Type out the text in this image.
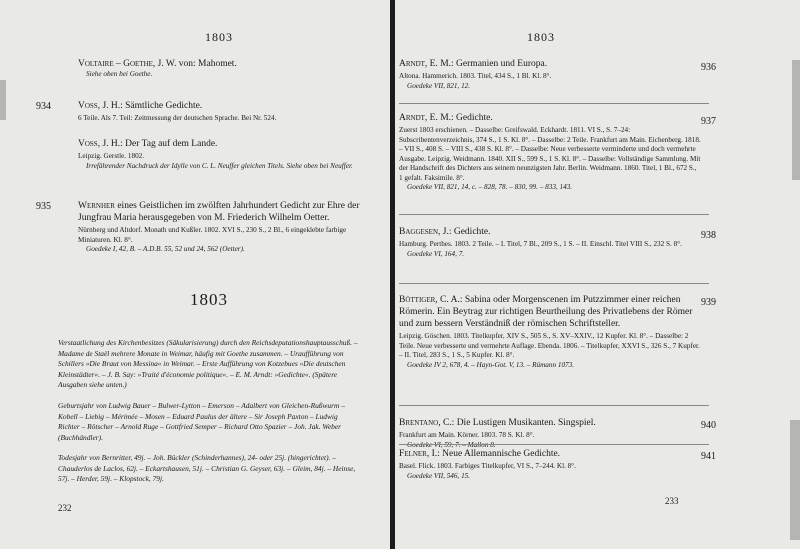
1803
Voltaire – Goethe, J. W. von: Mahomet.
Siehe oben bei Goethe.
934	Voss, J. H.: Sämtliche Gedichte.
6 Teile. Als 7. Teil: Zeitmessung der deutschen Sprache. Bei Nr. 524.
Voss, J. H.: Der Tag auf dem Lande.
Leipzig. Gerstle. 1802.
Irrefährender Nachdruck der Idylle von C. L. Neuffer gleichen Titels. Siehe oben bei Neuffer.
935	Wernher eines Geistlichen im zwölften Jahrhundert Gedicht zur Ehre der Jungfrau Maria herausgegeben von M. Friederich Wilhelm Oetter.
Nürnberg und Altdorf. Monath und Kußler. 1802. XVI S., 230 S., 2 Bl., 6 eingeklebte farbige Miniaturen. Kl. 8°.
Goedeke I, 42, B. – A.D.B. 55, 52 und 24, 562 (Oetter).
1803
Verstaatlichung des Kirchenbesitzes (Säkularisierung) durch den Reichsdeputationshauptausschuß. – Madame de Staël mehrere Monate in Weimar, häufig mit Goethe zusammen. – Uraufführung von Schillers »Die Braut von Messina« in Weimar. – Erste Aufführung von Kotzebues »Die deutschen Kleinstädter«. – J. B. Say: »Traité d'économie politique«. – E. M. Arndt: »Gedichte«. (Spätere Ausgaben siehe unten.)
Geburtsjahr von Ludwig Bauer – Bulwer-Lytton – Emerson – Adalbert von Gleichen-Rußwurm – Kobell – Liebig – Mérimée – Mosen – Eduard Paulus der ältere – Sir Joseph Paxton – Ludwig Richter – Rötscher – Arnold Ruge – Gottfried Semper – Richard Otto Spazier – Joh. Jak. Weber (Buchhändler).
Todesjahr von Bernritter, 49j. – Joh. Bückler (Schinderhannes), 24- oder 25j. (hingerichtet). – Chauderlos de Laclos, 62j. – Eckartshausen, 51j. – Christian G. Geyser, 63j. – Gleim, 84j. – Heinse, 57j. – Herder, 59j. – Klopstock, 79j.
232
1803
936
Arndt, E. M.: Germanien und Europa.
Altona. Hammerich. 1803. Titel, 434 S., 1 Bl. Kl. 8°.
Goedeke VII, 821, 12.
937
Arndt, E. M.: Gedichte.
Zuerst 1803 erschienen. – Dasselbe: Greifswald. Eckhardt. 1811. VI S., S. 7–24: Subscribentenverzeichnis, 374 S., 1 S. Kl. 8°. – Dasselbe: 2 Teile. Frankfurt am Main. Eichenberg. 1818. – VII S., 408 S. – VIII S., 438 S. Kl. 8°. – Dasselbe: Neue verbesserte vermindertе und doch vermehrte Ausgabe. Leipzig. Weidmann. 1840. XII S., 599 S., 1 S. Kl. 8°. – Dasselbe: Vollständige Sammlung. Mit der Handschrift des Dichters aus seinem neunzigsten Jahr. Berlin. Weidmann. 1860. Titel, 1 Bl., 672 S., 1 gefalt. Faksimile. 8°.
Goedeke VII, 821, 14, c. – 828, 78. – 830, 99. – 833, 143.
938
Baggesen, J.: Gedichte.
Hamburg. Perthes. 1803. 2 Teile. – I. Titel, 7 Bl., 209 S., 1 S. – II. Einschl. Titel VIII S., 232 S. 8°.
Goedeke VI, 164, 7.
939
Böttiger, C. A.: Sabina oder Morgenscenen im Putzzimmer einer reichen Römerin. Ein Beytrag zur richtigen Beurtheilung des Privatlebens der Römer und zum bessern Verständniß der römischen Schriftsteller.
Leipzig. Göschen. 1803. Titelkupfer, XIV S., 505 S., S. XV–XXIV., 12 Kupfer. Kl. 8°. – Dasselbe: 2 Teile. Neue verbesserte und vermehrte Auflage. Ebenda. 1806. – Titelkupfer, XXVI S., 326 S., 7 Kupfer. – II. Titel, 283 S., 1 S., 5 Kupfer. Kl. 8°.
Goedeke IV 2, 678, 4. – Hayn-Got. V, 13. – Rümann 1073.
940
Brentano, C.: Die Lustigen Musikanten. Singspiel.
Frankfurt am Main. Körner. 1803. 78 S. Kl. 8°.
941
Felner, I.: Neue Allemannische Gedichte.
Basel. Flick. 1803. Farbiges Titelkupfer, VI S., 7–244. Kl. 8°.
Goedeke VII, 546, 15.
233
